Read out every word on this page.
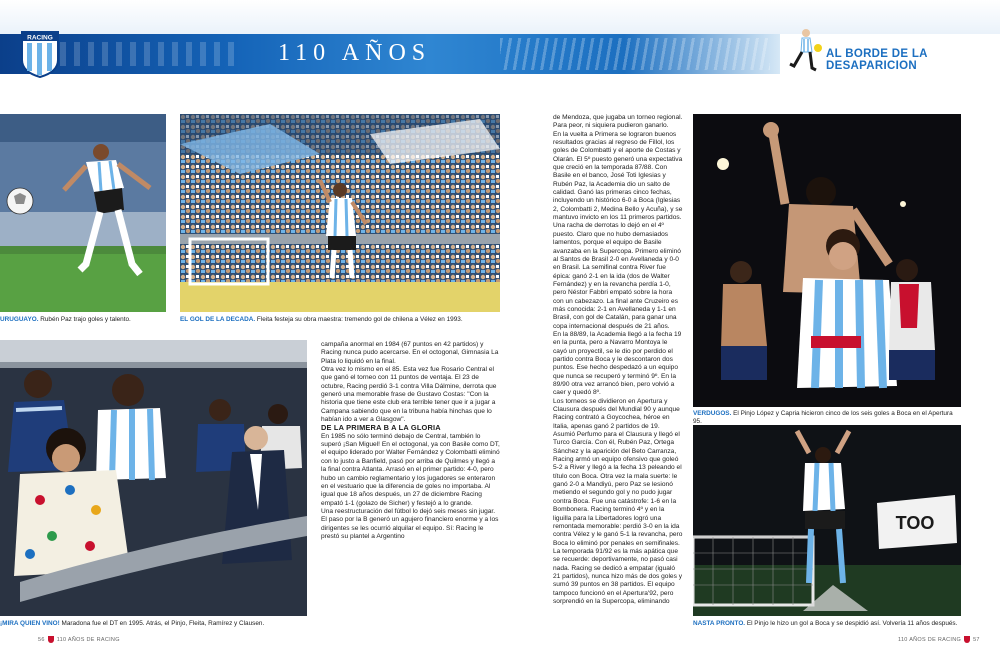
RACING
110 AÑOS	AL BORDE DE LA DESAPARICION
URUGUAYO. Rubén Paz trajo goles y talento.	EL GOL DE LA DECADA. Fleita festeja su obra maestra: tremendo gol de chilena a Vélez en 1993.
¡MIRA QUIEN VINO! Maradona fue el DT en 1995. Atrás, el Pinjo, Fleita, Ramírez y Clausen.

campaña anormal en 1984 (67 puntos en 42 partidos) y Racing nunca pudo acercarse. En el octogonal, Gimnasia La Plata lo liquidó en la final.

Otra vez lo mismo en el 85. Esta vez fue Rosario Central el que ganó el torneo con 11 puntos de ventaja. El 23 de octubre, Racing perdió 3-1 contra Villa Dálmine, derrota que generó una memorable frase de Gustavo Costas: "Con la historia que tiene este club era terrible tener que ir a jugar a Campana sabiendo que en la tribuna había hinchas que lo habían ido a ver a Glasgow".

DE LA PRIMERA B A LA GLORIA

En 1985 no sólo terminó debajo de Central, también lo superó ¡San Miguel! En el octogonal, ya con Basile como DT, el equipo liderado por Walter Fernández y Colombatti eliminó con lo justo a Banfield, pasó por arriba de Quilmes y llegó a la final contra Atlanta. Arrasó en el primer partido: 4-0, pero hubo un cambio reglamentario y los jugadores se enteraron en el vestuario que la diferencia de goles no importaba. Al igual que 18 años después, un 27 de diciembre Racing empató 1-1 (golazo de Sicher) y festejó a lo grande.

Una reestructuración del fútbol lo dejó seis meses sin jugar. El paso por la B generó un agujero financiero enorme y a los dirigentes se les ocurrió alquilar el equipo. Sí: Racing le prestó su plantel a Argentino

de Mendoza, que jugaba un torneo regional. Para peor, ni siquiera pudieron ganarlo.

En la vuelta a Primera se lograron buenos resultados gracias al regreso de Fillol, los goles de Colombatti y el aporte de Costas y Olarán. El 5º puesto generó una expectativa que creció en la temporada 87/88. Con Basile en el banco, José Toti Iglesias y Rubén Paz, la Academia dio un salto de calidad. Ganó las primeras cinco fechas, incluyendo un histórico 6-0 a Boca (Iglesias 2, Colombatti 2, Medina Bello y Acuña), y se mantuvo invicto en los 11 primeros partidos. Una racha de derrotas lo dejó en el 4º puesto. Claro que no hubo demasiados lamentos, porque el equipo de Basile avanzaba en la Supercopa. Primero eliminó al Santos de Brasil 2-0 en Avellaneda y 0-0 en Brasil. La semifinal contra River fue épica: ganó 2-1 en la ida (dos de Walter Fernández) y en la revancha perdía 1-0, pero Néstor Fabbri empató sobre la hora con un cabezazo. La final ante Cruzeiro es más conocida: 2-1 en Avellaneda y 1-1 en Brasil, con gol de Catalán, para ganar una copa internacional después de 21 años.

En la 88/89, la Academia llegó a la fecha 19 en la punta, pero a Navarro Montoya le cayó un proyectil, se le dio por perdido el partido contra Boca y le descontaron dos puntos. Ese hecho despedazó a un equipo que nunca se recuperó y terminó 9º. En la 89/90 otra vez arrancó bien, pero volvió a caer y quedó 8º.

Los torneos se dividieron en Apertura y Clausura después del Mundial 90 y aunque Racing contrató a Goycochea, héroe en Italia, apenas ganó 2 partidos de 19. Asumió Perfumo para el Clausura y llegó el Turco García. Con él, Rubén Paz, Ortega Sánchez y la aparición del Beto Carranza, Racing armó un equipo ofensivo que goleó 5-2 a River y llegó a la fecha 13 peleando el título con Boca. Otra vez la mala suerte: le ganó 2-0 a Mandiyú, pero Paz se lesionó metiendo el segundo gol y no pudo jugar contra Boca. Fue una catástrofe: 1-6 en la Bombonera. Racing terminó 4º y en la liguilla para la Libertadores logró una remontada memorable: perdió 3-0 en la ida contra Vélez y le ganó 5-1 la revancha, pero Boca lo eliminó por penales en semifinales.

La temporada 91/92 es la más apática que se recuerde: deportivamente, no pasó casi nada. Racing se dedicó a empatar (igualó 21 partidos), nunca hizo más de dos goles y sumó 39 puntos en 38 partidos. El equipo tampoco funcionó en el Apertura'92, pero sorprendió en la Supercopa, eliminando

VERDUGOS. El Pinjo López y Capria hicieron cinco de los seis goles a Boca en el Apertura 95.
TOO
NASTA PRONTO. El Pinjo le hizo un gol a Boca y se despidió así. Volvería 11 años después.
56 110 AÑOS DE RACING	110 AÑOS DE RACING 57
